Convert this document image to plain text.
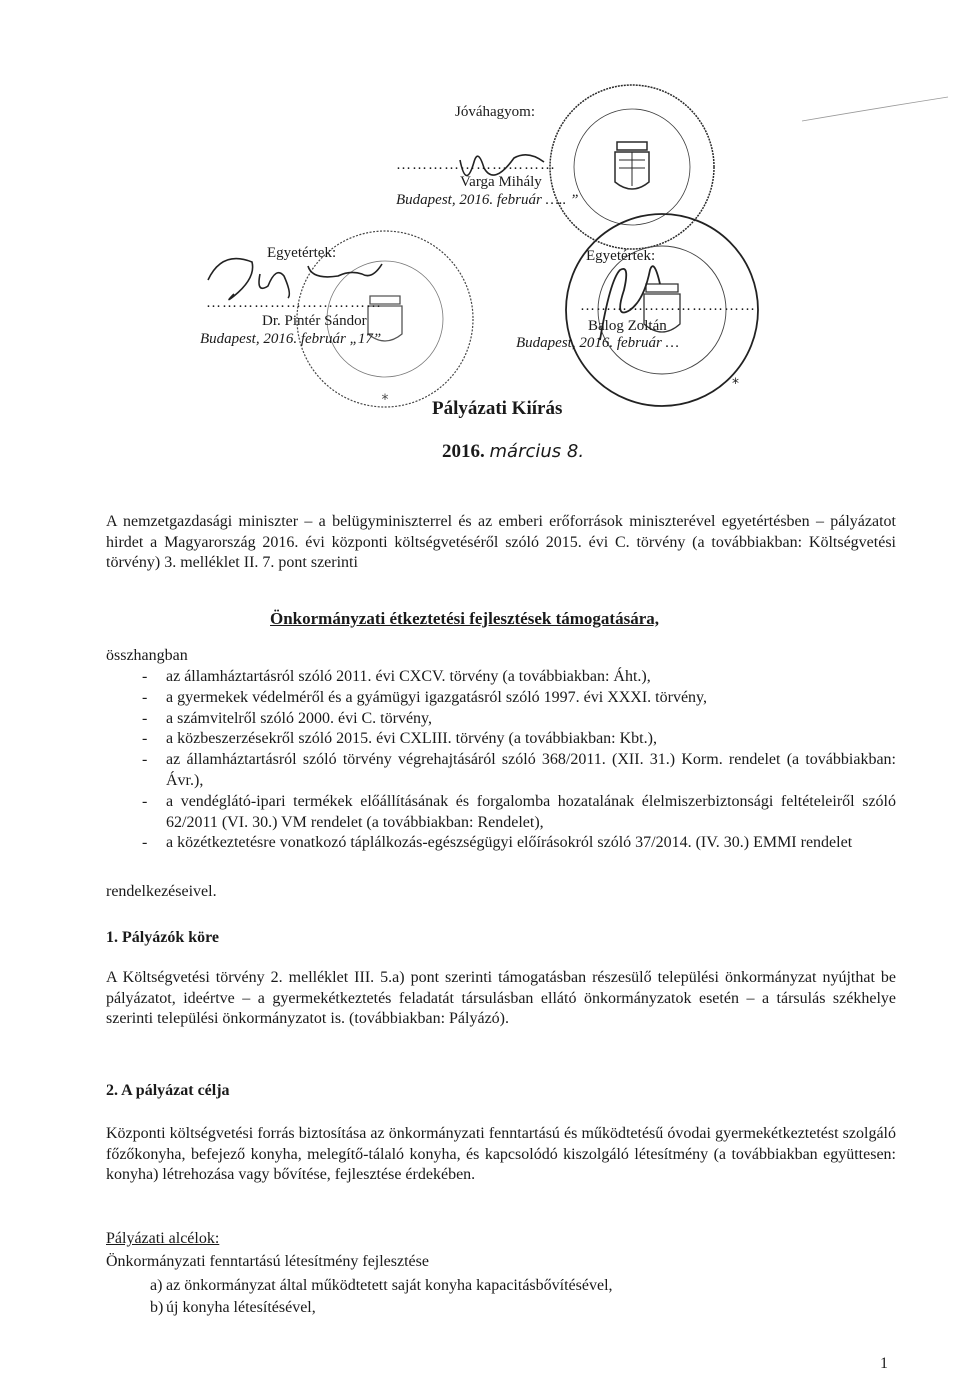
Jóváhagyom:
…………………………
Varga Mihály
Budapest, 2016. február ….. ”
*
Egyetértek:
……………………………
Dr. Pintér Sándor
Budapest, 2016. február „17”
*
Egyetértek:
……………………………
Balog Zoltán
Budapest, 2016. február …
Pályázati Kiírás
2016. március 8.
A nemzetgazdasági miniszter – a belügyminiszterrel és az emberi erőforrások miniszterével egyetértésben – pályázatot hirdet a Magyarország 2016. évi központi költségvetéséről szóló 2015. évi C. törvény (a továbbiakban: Költségvetési törvény) 3. melléklet II. 7. pont szerinti
Önkormányzati étkeztetési fejlesztések támogatására,
összhangban
- az államháztartásról szóló 2011. évi CXCV. törvény (a továbbiakban: Áht.),
- a gyermekek védelméről és a gyámügyi igazgatásról szóló 1997. évi XXXI. törvény,
- a számvitelről szóló 2000. évi C. törvény,
- a közbeszerzésekről szóló 2015. évi CXLIII. törvény (a továbbiakban: Kbt.),
- az államháztartásról szóló törvény végrehajtásáról szóló 368/2011. (XII. 31.) Korm. rendelet (a továbbiakban: Ávr.),
- a vendéglátó-ipari termékek előállításának és forgalomba hozatalának élelmiszerbiztonsági feltételeiről szóló 62/2011 (VI. 30.) VM rendelet (a továbbiakban: Rendelet),
- a közétkeztetésre vonatkozó táplálkozás-egészségügyi előírásokról szóló 37/2014. (IV. 30.) EMMI rendelet
rendelkezéseivel.
1. Pályázók köre
A Költségvetési törvény 2. melléklet III. 5.a) pont szerinti támogatásban részesülő települési önkormányzat nyújthat be pályázatot, ideértve – a gyermekétkeztetés feladatát társulásban ellátó önkormányzatok esetén – a társulás székhelye szerinti települési önkormányzatot is. (továbbiakban: Pályázó).
2. A pályázat célja
Központi költségvetési forrás biztosítása az önkormányzati fenntartású és működtetésű óvodai gyermekétkeztetést szolgáló főzőkonyha, befejező konyha, melegítő-tálaló konyha, és kapcsolódó kiszolgáló létesítmény (a továbbiakban együttesen: konyha) létrehozása vagy bővítése, fejlesztése érdekében.
Pályázati alcélok:
Önkormányzati fenntartású létesítmény fejlesztése
a) az önkormányzat által működtetett saját konyha kapacitásbővítésével,
b) új konyha létesítésével,
1
